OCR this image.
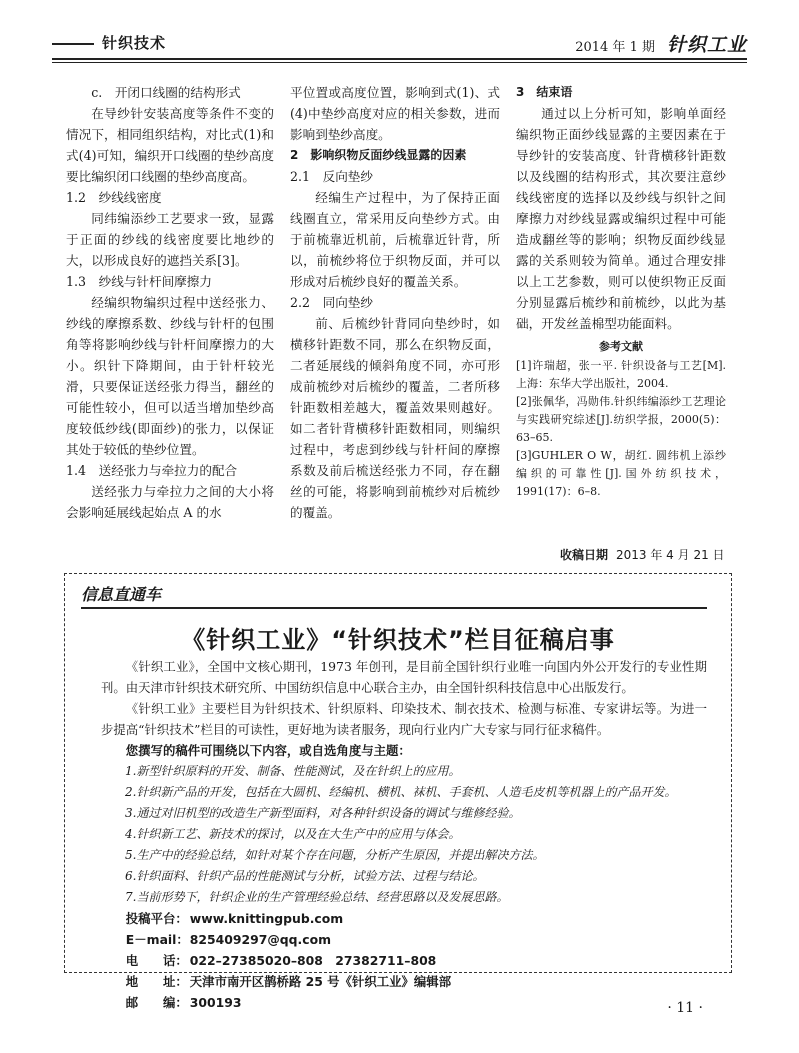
针织技术	2014 年 1 期 针织工业

c.　开闭口线圈的结构形式

在导纱针安装高度等条件不变的情况下，相同组织结构，对比式(1)和式(4)可知，编织开口线圈的垫纱高度要比编织闭口线圈的垫纱高度高。

1.2　纱线线密度

同纬编添纱工艺要求一致，显露于正面的纱线的线密度要比地纱的大，以形成良好的遮挡关系[3]。

1.3　纱线与针杆间摩擦力

经编织物编织过程中送经张力、纱线的摩擦系数、纱线与针杆的包围角等将影响纱线与针杆间摩擦力的大小。织针下降期间，由于针杆较光滑，只要保证送经张力得当，翻丝的可能性较小，但可以适当增加垫纱高度较低纱线(即面纱)的张力，以保证其处于较低的垫纱位置。

1.4　送经张力与牵拉力的配合

送经张力与牵拉力之间的大小将会影响延展线起始点 A 的水

平位置或高度位置，影响到式(1)、式(4)中垫纱高度对应的相关参数，进而影响到垫纱高度。

2　影响织物反面纱线显露的因素

2.1　反向垫纱

经编生产过程中，为了保持正面线圈直立，常采用反向垫纱方式。由于前梳靠近机前，后梳靠近针背，所以，前梳纱将位于织物反面，并可以形成对后梳纱良好的覆盖关系。

2.2　同向垫纱

前、后梳纱针背同向垫纱时，如横移针距数不同，那么在织物反面，二者延展线的倾斜角度不同，亦可形成前梳纱对后梳纱的覆盖，二者所移针距数相差越大，覆盖效果则越好。如二者针背横移针距数相同，则编织过程中，考虑到纱线与针杆间的摩擦系数及前后梳送经张力不同，存在翻丝的可能，将影响到前梳纱对后梳纱的覆盖。

3　结束语

通过以上分析可知，影响单面经编织物正面纱线显露的主要因素在于导纱针的安装高度、针背横移针距数以及线圈的结构形式，其次要注意纱线线密度的选择以及纱线与织针之间摩擦力对纱线显露或编织过程中可能造成翻丝等的影响；织物反面纱线显露的关系则较为简单。通过合理安排以上工艺参数，则可以使织物正反面分别显露后梳纱和前梳纱，以此为基础，开发丝盖棉型功能面料。

参考文献

[1]许瑞超，张一平. 针织设备与工艺[M].上海：东华大学出版社，2004.

[2]张佩华，冯勋伟.针织纬编添纱工艺理论与实践研究综述[J].纺织学报，2000(5)：63–65.

[3]GUHLER O W，胡红. 圆纬机上添纱编织的可靠性[J].国外纺织技术，1991(17)：6–8.

收稿日期 2013 年 4 月 21 日
信息直通车
《针织工业》“针织技术”栏目征稿启事

《针织工业》，全国中文核心期刊，1973 年创刊，是目前全国针织行业唯一向国内外公开发行的专业性期刊。由天津市针织技术研究所、中国纺织信息中心联合主办，由全国针织科技信息中心出版发行。

《针织工业》主要栏目为针织技术、针织原料、印染技术、制衣技术、检测与标准、专家讲坛等。为进一步提高“针织技术”栏目的可读性，更好地为读者服务，现向行业内广大专家与同行征求稿件。

您撰写的稿件可围绕以下内容，或自选角度与主题：

1.新型针织原料的开发、制备、性能测试，及在针织上的应用。

2.针织新产品的开发，包括在大圆机、经编机、横机、袜机、手套机、人造毛皮机等机器上的产品开发。

3.通过对旧机型的改造生产新型面料，对各种针织设备的调试与维修经验。

4.针织新工艺、新技术的探讨，以及在大生产中的应用与体会。

5.生产中的经验总结，如针对某个存在问题，分析产生原因，并提出解决方法。

6.针织面料、针织产品的性能测试与分析，试验方法、过程与结论。

7.当前形势下，针织企业的生产管理经验总结、经营思路以及发展思路。

投稿平台： www.knittingpub.com

E－mail：825409297@qq.com

电　　话： 022–27385020–808　27382711–808

地　　址： 天津市南开区鹊桥路 25 号《针织工业》编辑部

邮　　编： 300193	· 11 ·
